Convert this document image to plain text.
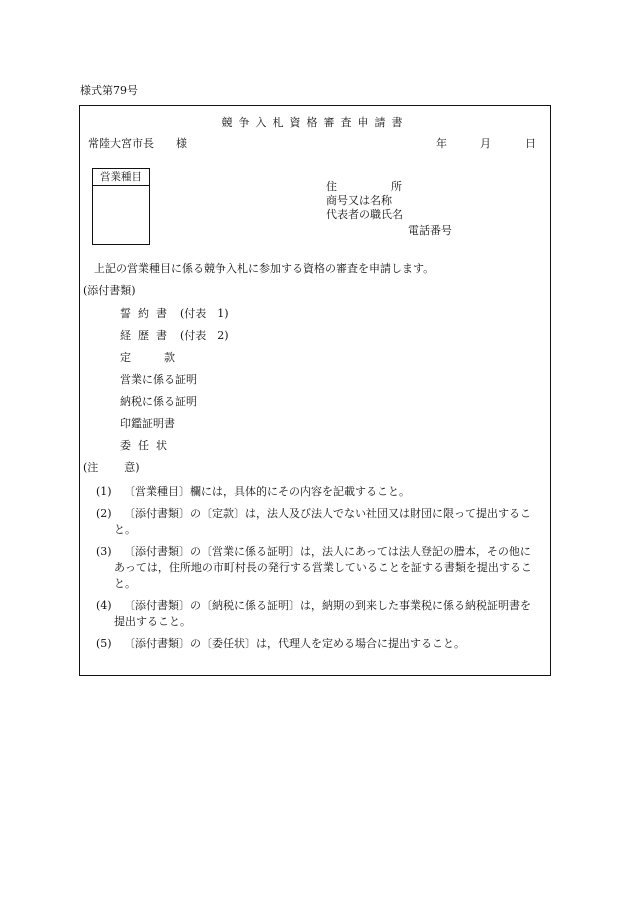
様式第79号
競争入札資格審査申請書
常陸大宮市長 様	年	月	日
営業種目
住	所
商号又は名称
代表者の職氏名
電話番号
上記の営業種目に係る競争入札に参加する資格の審査を申請します。
(添付書類)
誓約書 (付表　1)
経歴書 (付表　2)
定款
営業に係る証明
納税に係る証明
印鑑証明書
委任状
(注 意)
(1)	〔営業種目〕欄には，具体的にその内容を記載すること。
(2)	〔添付書類〕の〔定款〕は，法人及び法人でない社団又は財団に限って提出すること。
(3)	〔添付書類〕の〔営業に係る証明〕は，法人にあっては法人登記の謄本，その他にあっては，住所地の市町村長の発行する営業していることを証する書類を提出すること。
(4)	〔添付書類〕の〔納税に係る証明〕は，納期の到来した事業税に係る納税証明書を提出すること。
(5)	〔添付書類〕の〔委任状〕は，代理人を定める場合に提出すること。
